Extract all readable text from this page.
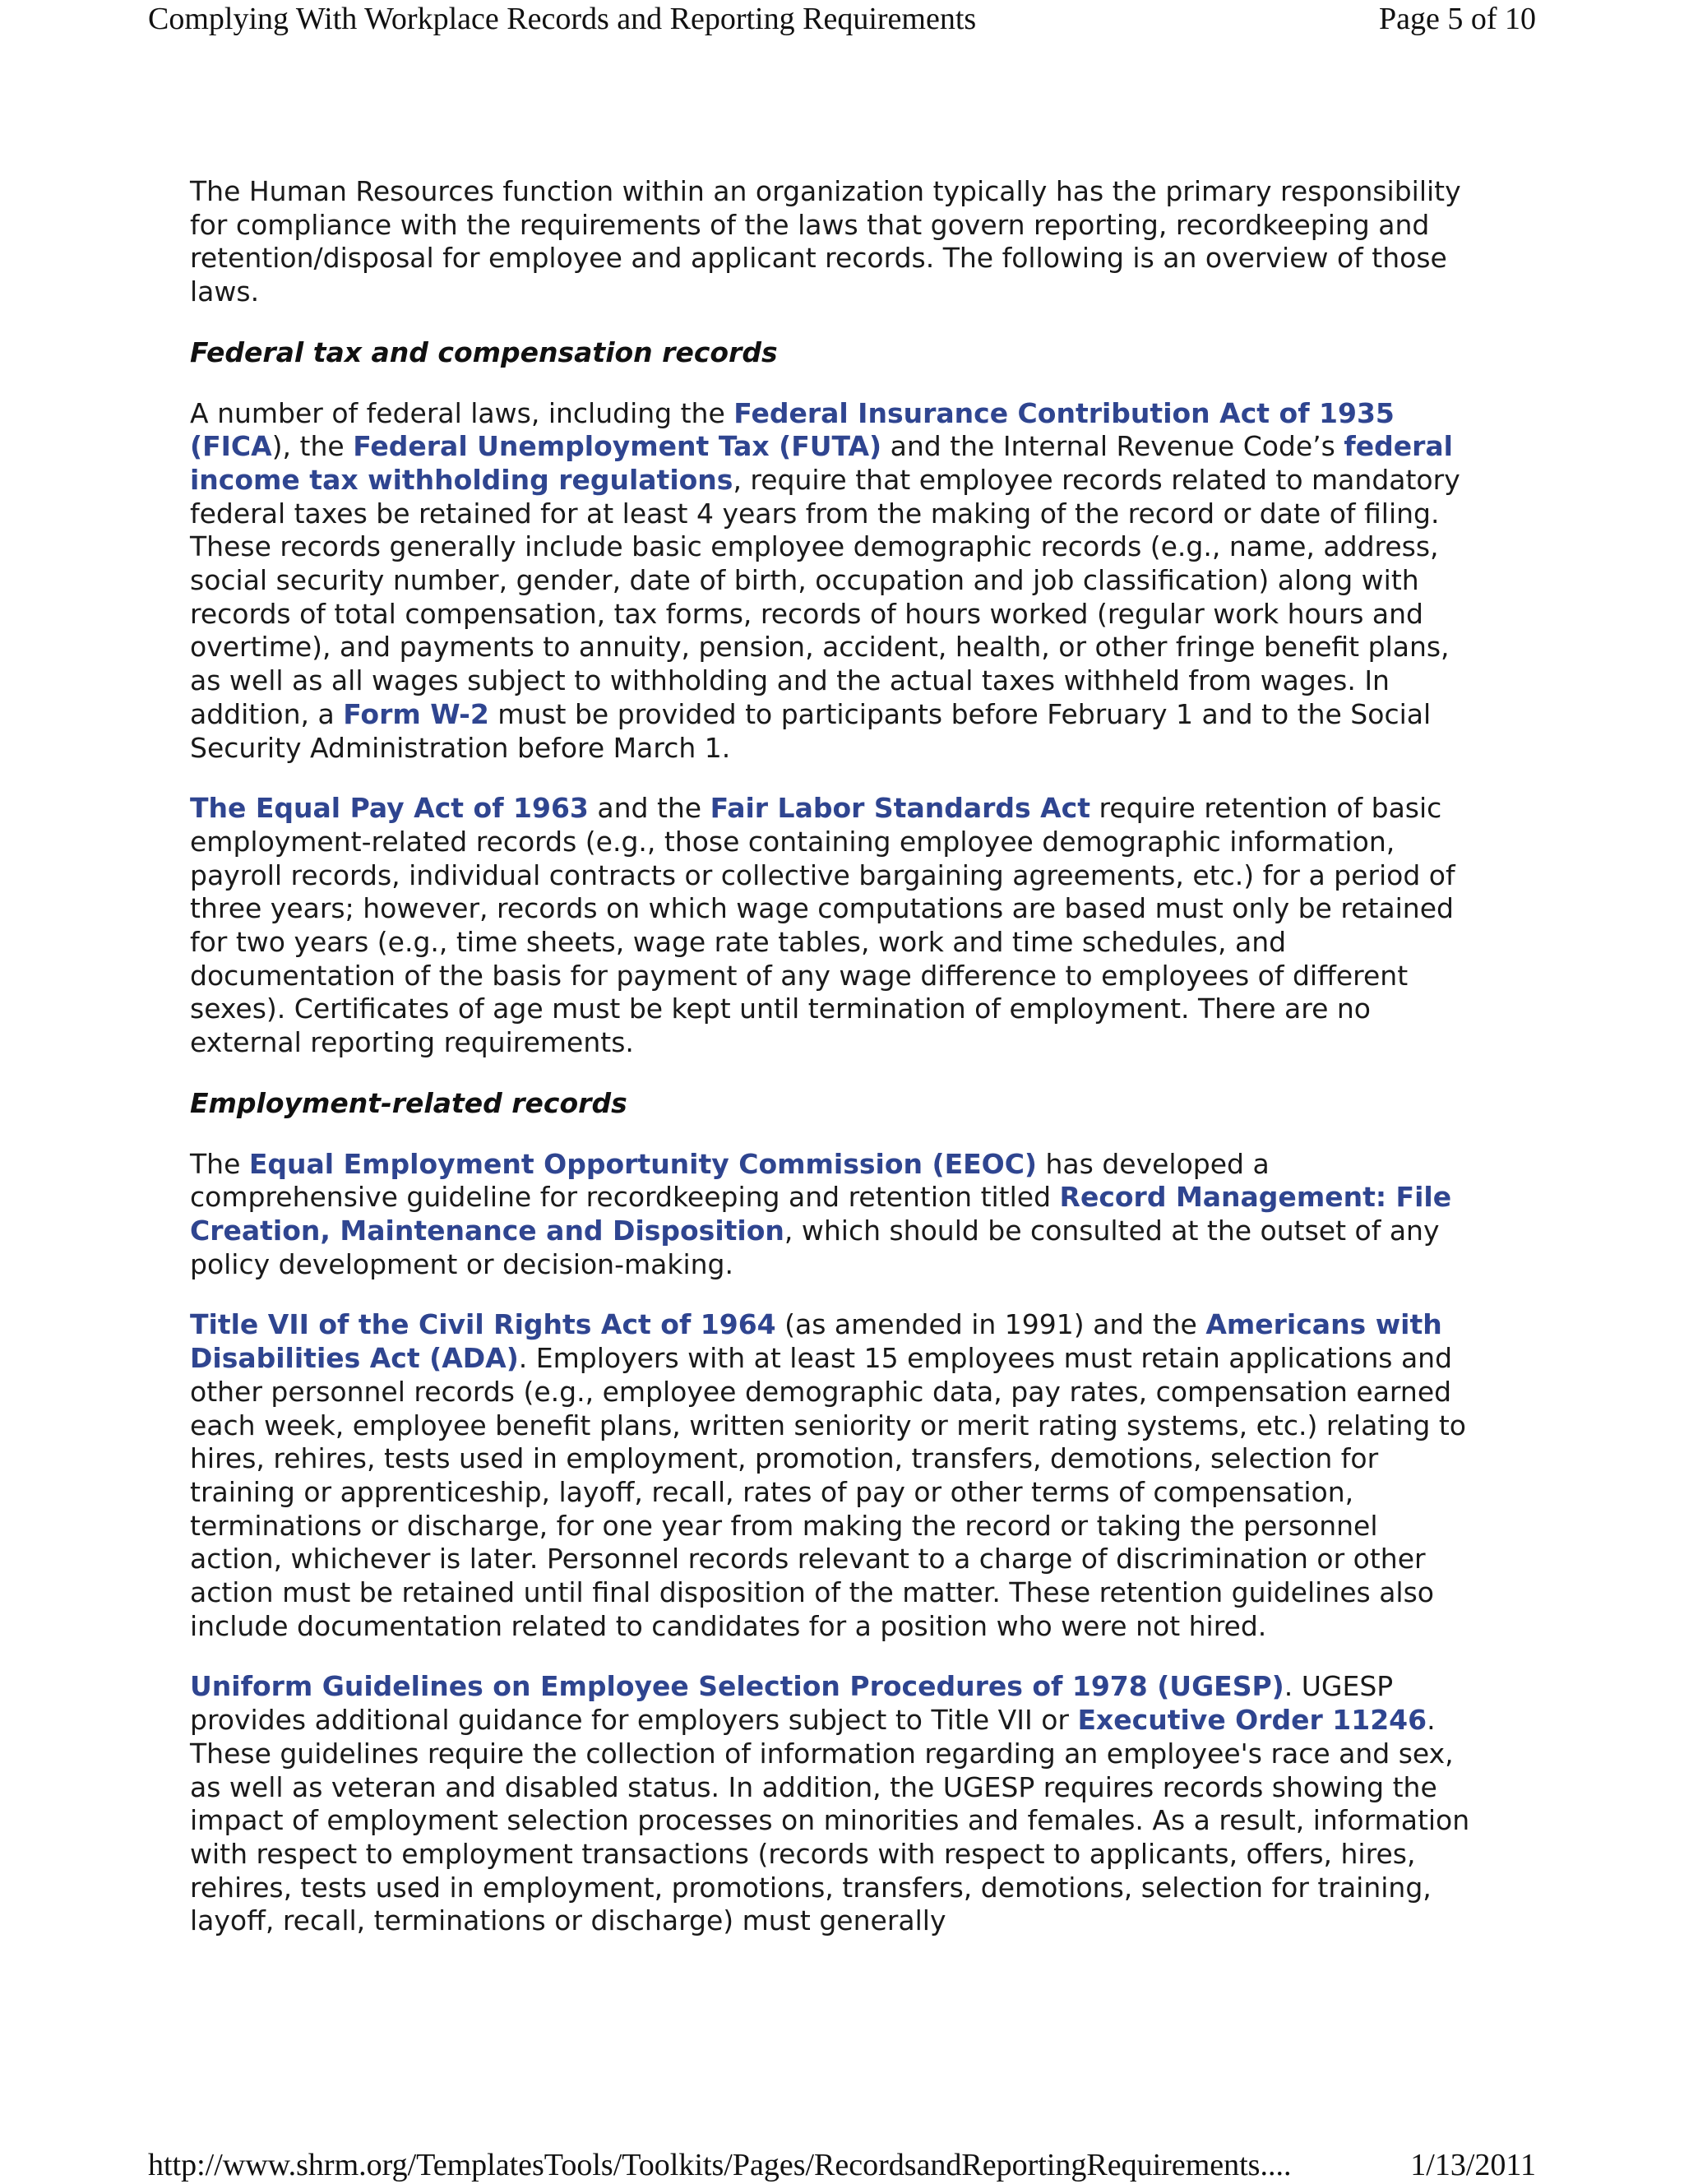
Complying With Workplace Records and Reporting Requirements	Page 5 of 10

The Human Resources function within an organization typically has the primary responsibility for compliance with the requirements of the laws that govern reporting, recordkeeping and retention/disposal for employee and applicant records. The following is an overview of those laws.

Federal tax and compensation records

A number of federal laws, including the Federal Insurance Contribution Act of 1935 (FICA), the Federal Unemployment Tax (FUTA) and the Internal Revenue Code’s federal income tax withholding regulations, require that employee records related to mandatory federal taxes be retained for at least 4 years from the making of the record or date of filing. These records generally include basic employee demographic records (e.g., name, address, social security number, gender, date of birth, occupation and job classification) along with records of total compensation, tax forms, records of hours worked (regular work hours and overtime), and payments to annuity, pension, accident, health, or other fringe benefit plans, as well as all wages subject to withholding and the actual taxes withheld from wages. In addition, a Form W-2 must be provided to participants before February 1 and to the Social Security Administration before March 1.

The Equal Pay Act of 1963 and the Fair Labor Standards Act require retention of basic employment-related records (e.g., those containing employee demographic information, payroll records, individual contracts or collective bargaining agreements, etc.) for a period of three years; however, records on which wage computations are based must only be retained for two years (e.g., time sheets, wage rate tables, work and time schedules, and documentation of the basis for payment of any wage difference to employees of different sexes). Certificates of age must be kept until termination of employment. There are no external reporting requirements.

Employment-related records

The Equal Employment Opportunity Commission (EEOC) has developed a comprehensive guideline for recordkeeping and retention titled Record Management: File Creation, Maintenance and Disposition, which should be consulted at the outset of any policy development or decision-making.

Title VII of the Civil Rights Act of 1964 (as amended in 1991) and the Americans with Disabilities Act (ADA). Employers with at least 15 employees must retain applications and other personnel records (e.g., employee demographic data, pay rates, compensation earned each week, employee benefit plans, written seniority or merit rating systems, etc.) relating to hires, rehires, tests used in employment, promotion, transfers, demotions, selection for training or apprenticeship, layoff, recall, rates of pay or other terms of compensation, terminations or discharge, for one year from making the record or taking the personnel action, whichever is later. Personnel records relevant to a charge of discrimination or other action must be retained until final disposition of the matter. These retention guidelines also include documentation related to candidates for a position who were not hired.

Uniform Guidelines on Employee Selection Procedures of 1978 (UGESP). UGESP provides additional guidance for employers subject to Title VII or Executive Order 11246. These guidelines require the collection of information regarding an employee's race and sex, as well as veteran and disabled status. In addition, the UGESP requires records showing the impact of employment selection processes on minorities and females. As a result, information with respect to employment transactions (records with respect to applicants, offers, hires, rehires, tests used in employment, promotions, transfers, demotions, selection for training, layoff, recall, terminations or discharge) must generally

http://www.shrm.org/TemplatesTools/Toolkits/Pages/RecordsandReportingRequirements....	1/13/2011
